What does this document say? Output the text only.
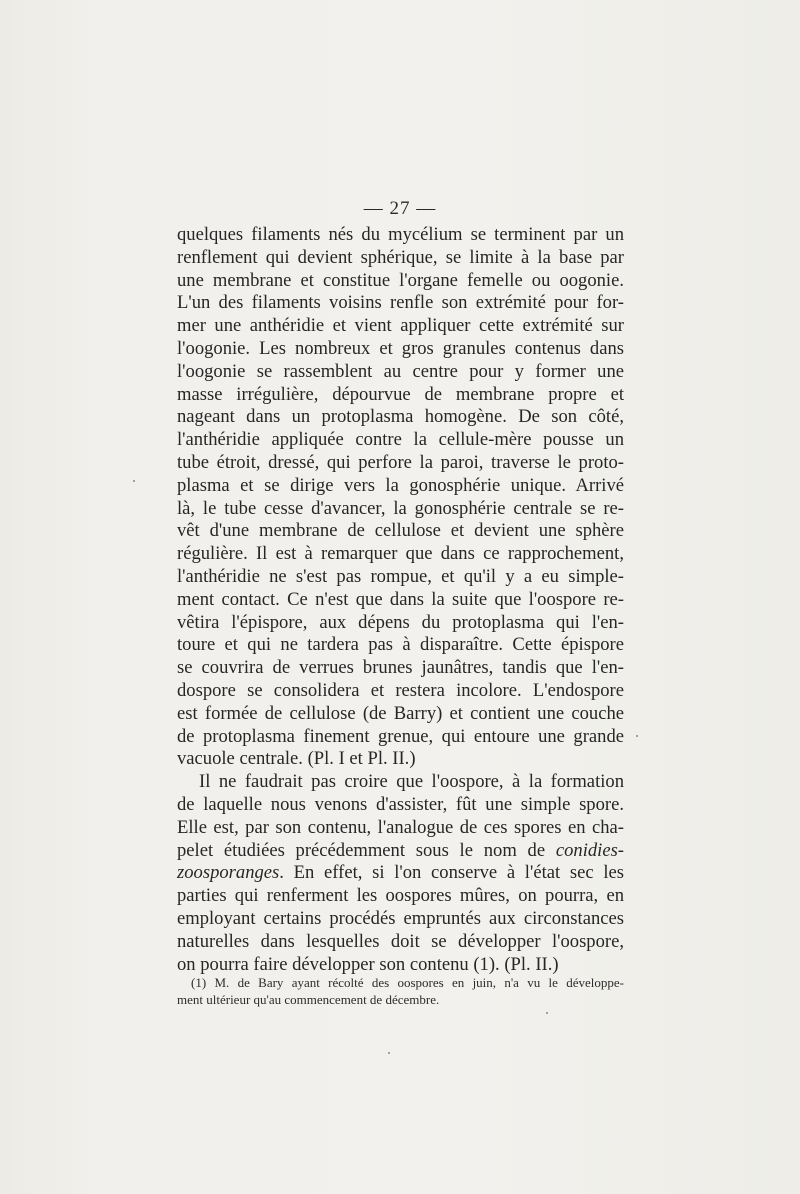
— 27 —
quelques filaments nés du mycélium se terminent par un
renflement qui devient sphérique, se limite à la base par
une membrane et constitue l'organe femelle ou oogonie.
L'un des filaments voisins renfle son extrémité pour for-
mer une anthéridie et vient appliquer cette extrémité sur
l'oogonie. Les nombreux et gros granules contenus dans
l'oogonie se rassemblent au centre pour y former une
masse irrégulière, dépourvue de membrane propre et
nageant dans un protoplasma homogène. De son côté,
l'anthéridie appliquée contre la cellule-mère pousse un
tube étroit, dressé, qui perfore la paroi, traverse le proto-
plasma et se dirige vers la gonosphérie unique. Arrivé
là, le tube cesse d'avancer, la gonosphérie centrale se re-
vêt d'une membrane de cellulose et devient une sphère
régulière. Il est à remarquer que dans ce rapprochement,
l'anthéridie ne s'est pas rompue, et qu'il y a eu simple-
ment contact. Ce n'est que dans la suite que l'oospore re-
vêtira l'épispore, aux dépens du protoplasma qui l'en-
toure et qui ne tardera pas à disparaître. Cette épispore
se couvrira de verrues brunes jaunâtres, tandis que l'en-
dospore se consolidera et restera incolore. L'endospore
est formée de cellulose (de Barry) et contient une couche
de protoplasma finement grenue, qui entoure une grande
vacuole centrale. (Pl. I et Pl. II.)
Il ne faudrait pas croire que l'oospore, à la formation
de laquelle nous venons d'assister, fût une simple spore.
Elle est, par son contenu, l'analogue de ces spores en cha-
pelet étudiées précédemment sous le nom de conidies-
zoosporanges. En effet, si l'on conserve à l'état sec les
parties qui renferment les oospores mûres, on pourra, en
employant certains procédés empruntés aux circonstances
naturelles dans lesquelles doit se développer l'oospore,
on pourra faire développer son contenu (1). (Pl. II.)
(1) M. de Bary ayant récolté des oospores en juin, n'a vu le développe-
ment ultérieur qu'au commencement de décembre.
